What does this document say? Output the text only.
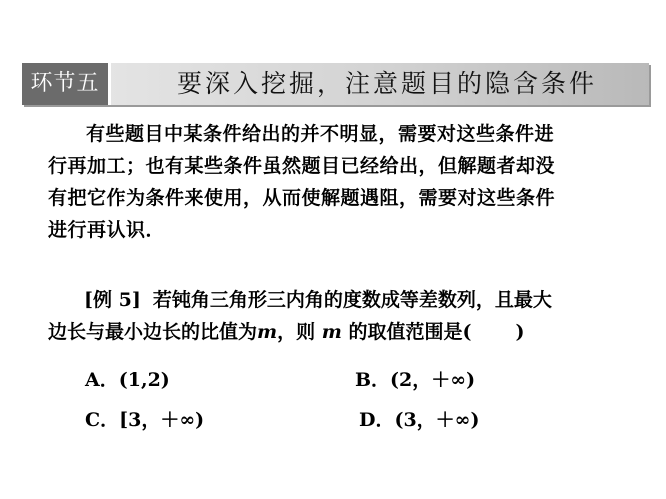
环节五	要深入挖掘，注意题目的隐含条件

有些题目中某条件给出的并不明显，需要对这些条件进
行再加工；也有某些条件虽然题目已经给出，但解题者却没
有把它作为条件来使用，从而使解题遇阻，需要对这些条件
进行再认识．

[例 5] 若钝角三角形三内角的度数成等差数列，且最大
边长与最小边长的比值为m，则 m 的取值范围是( )

A．(1,2)	B．(2，＋∞)
C．[3，＋∞)	D．(3，＋∞)
